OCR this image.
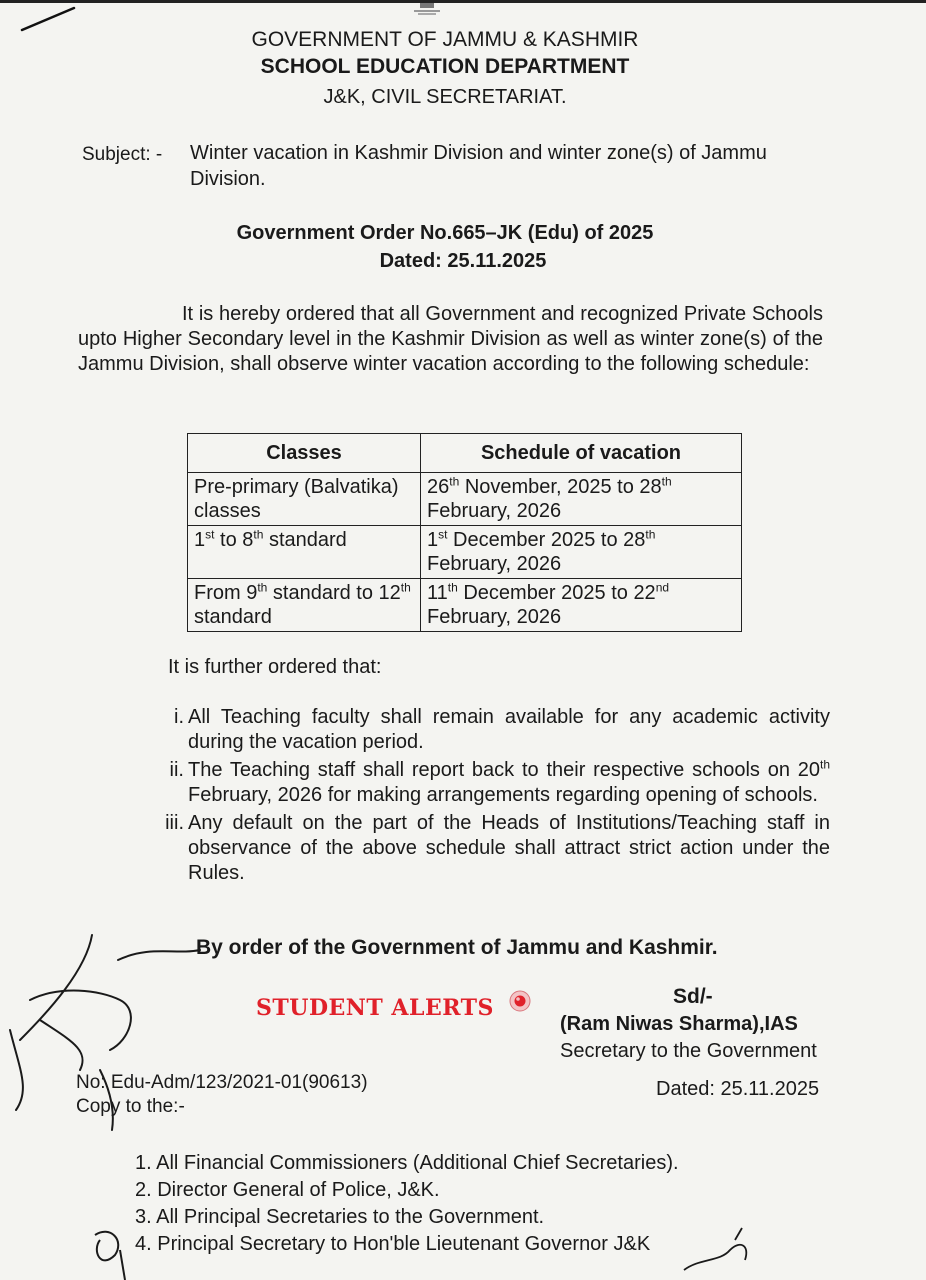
GOVERNMENT OF JAMMU & KASHMIR
SCHOOL EDUCATION DEPARTMENT
J&K, CIVIL SECRETARIAT.
Subject: - Winter vacation in Kashmir Division and winter zone(s) of Jammu Division.
Government Order No.665–JK (Edu) of 2025
Dated: 25.11.2025
It is hereby ordered that all Government and recognized Private Schools upto Higher Secondary level in the Kashmir Division as well as winter zone(s) of the Jammu Division, shall observe winter vacation according to the following schedule:
Classes	Schedule of vacation
Pre-primary (Balvatika) classes	26th November, 2025 to 28th February, 2026
1st to 8th standard	1st December 2025 to 28th February, 2026
From 9th standard to 12th standard	11th December 2025 to 22nd February, 2026
It is further ordered that:
i. All Teaching faculty shall remain available for any academic activity during the vacation period.
ii. The Teaching staff shall report back to their respective schools on 20th February, 2026 for making arrangements regarding opening of schools.
iii. Any default on the part of the Heads of Institutions/Teaching staff in observance of the above schedule shall attract strict action under the Rules.
By order of the Government of Jammu and Kashmir.
STUDENT ALERTS	Sd/-
(Ram Niwas Sharma),IAS
Secretary to the Government
No: Edu-Adm/123/2021-01(90613)
Copy to the:-
Dated: 25.11.2025
1. All Financial Commissioners (Additional Chief Secretaries).
2. Director General of Police, J&K.
3. All Principal Secretaries to the Government.
4. Principal Secretary to Hon'ble Lieutenant Governor J&K
